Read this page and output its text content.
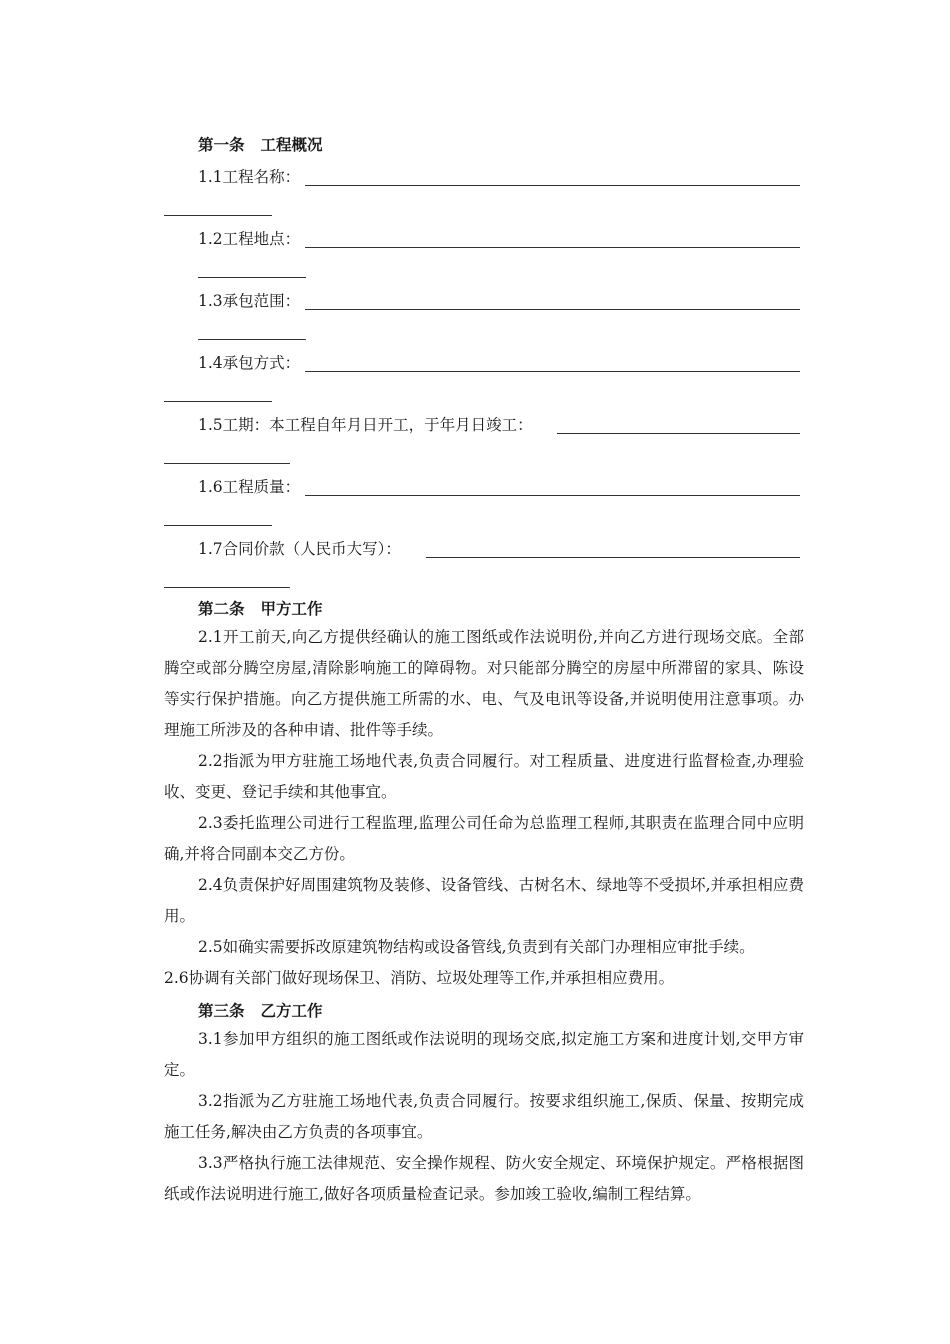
第一条 工程概况
1.1工程名称：
1.2工程地点：
1.3承包范围：
1.4承包方式：
1.5工期：本工程自年月日开工，于年月日竣工：
1.6工程质量：
1.7合同价款（人民币大写）：
第二条 甲方工作

2.1开工前天,向乙方提供经确认的施工图纸或作法说明份,并向乙方进行现场交底。全部腾空或部分腾空房屋,清除影响施工的障碍物。对只能部分腾空的房屋中所滞留的家具、陈设等实行保护措施。向乙方提供施工所需的水、电、气及电讯等设备,并说明使用注意事项。办理施工所涉及的各种申请、批件等手续。

2.2指派为甲方驻施工场地代表,负责合同履行。对工程质量、进度进行监督检查,办理验收、变更、登记手续和其他事宜。

2.3委托监理公司进行工程监理,监理公司任命为总监理工程师,其职责在监理合同中应明确,并将合同副本交乙方份。

2.4负责保护好周围建筑物及装修、设备管线、古树名木、绿地等不受损坏,并承担相应费用。

2.5如确实需要拆改原建筑物结构或设备管线,负责到有关部门办理相应审批手续。

2.6协调有关部门做好现场保卫、消防、垃圾处理等工作,并承担相应费用。

第三条 乙方工作

3.1参加甲方组织的施工图纸或作法说明的现场交底,拟定施工方案和进度计划,交甲方审定。

3.2指派为乙方驻施工场地代表,负责合同履行。按要求组织施工,保质、保量、按期完成施工任务,解决由乙方负责的各项事宜。

3.3严格执行施工法律规范、安全操作规程、防火安全规定、环境保护规定。严格根据图纸或作法说明进行施工,做好各项质量检查记录。参加竣工验收,编制工程结算。
